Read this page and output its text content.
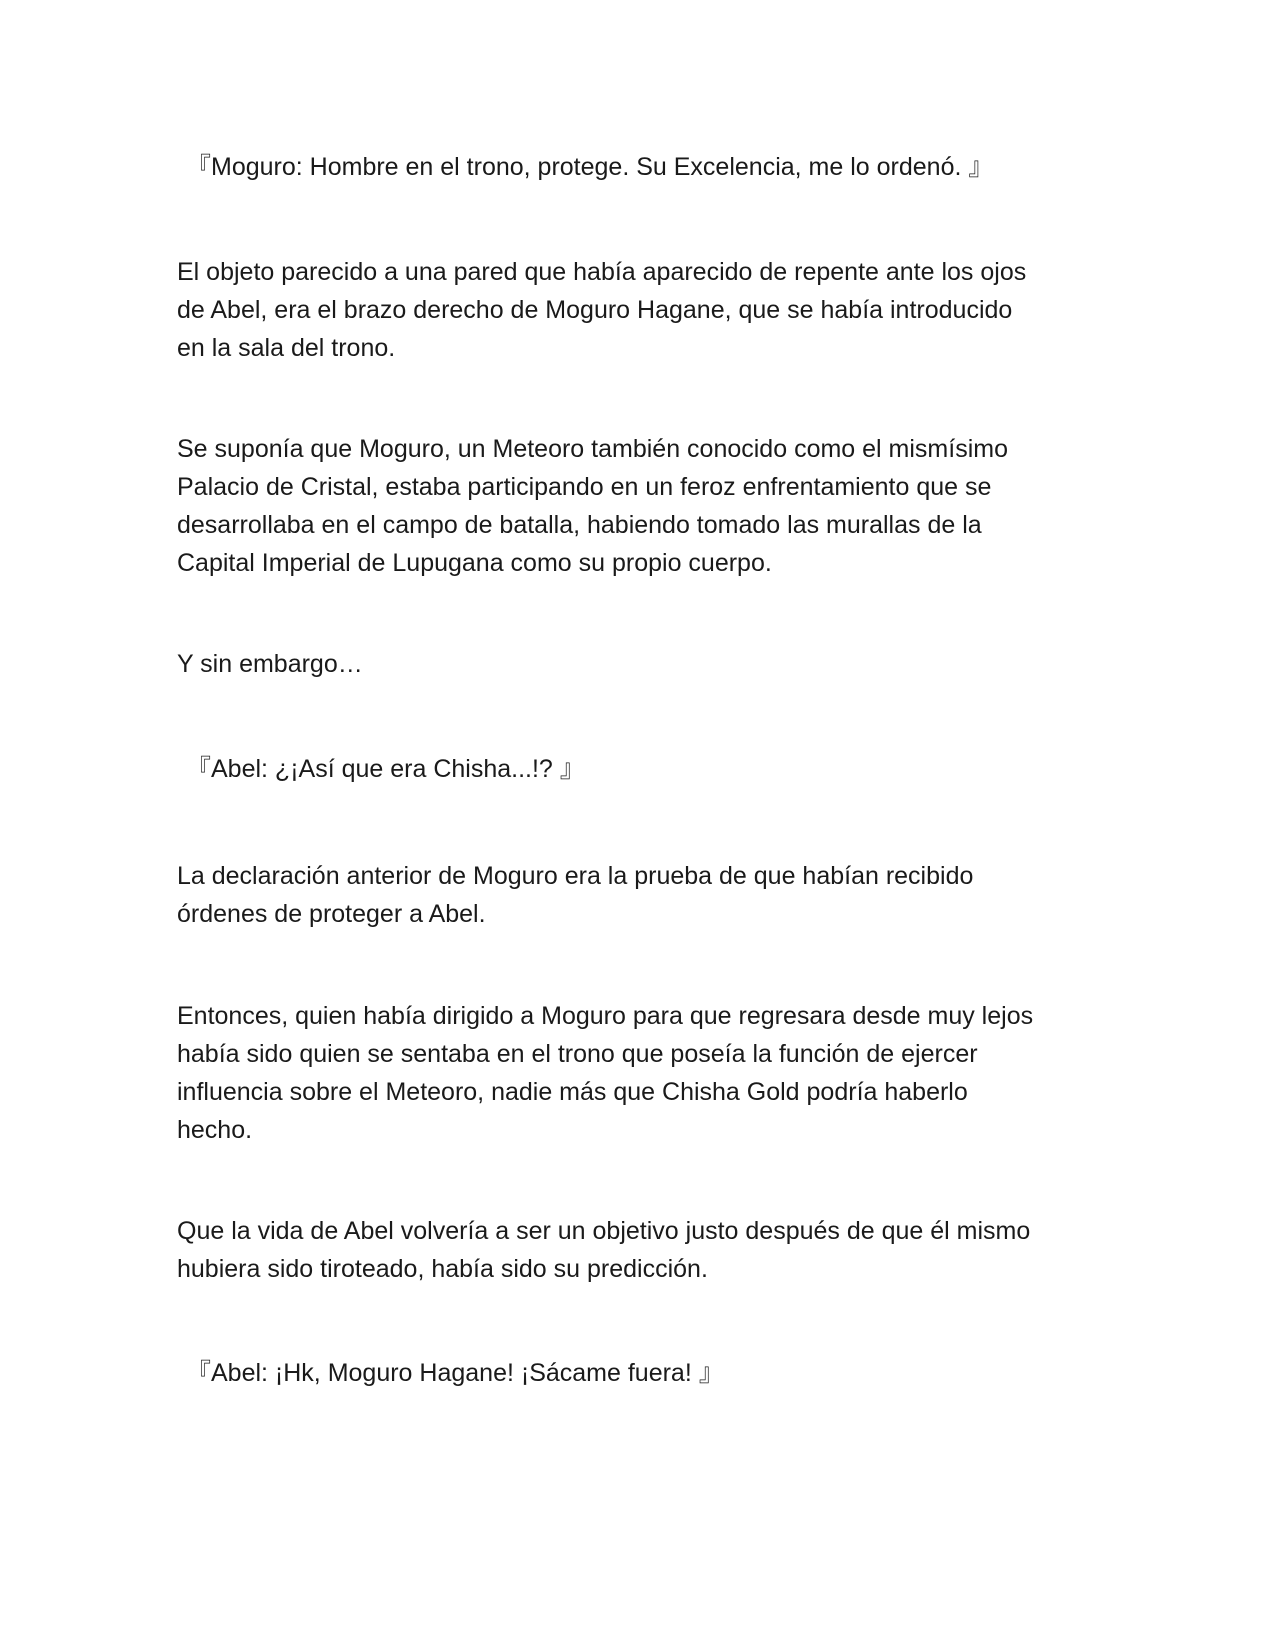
『Moguro: Hombre en el trono, protege. Su Excelencia, me lo ordenó. 』

El objeto parecido a una pared que había aparecido de repente ante los ojos
de Abel, era el brazo derecho de Moguro Hagane, que se había introducido
en la sala del trono.

Se suponía que Moguro, un Meteoro también conocido como el mismísimo
Palacio de Cristal, estaba participando en un feroz enfrentamiento que se
desarrollaba en el campo de batalla, habiendo tomado las murallas de la
Capital Imperial de Lupugana como su propio cuerpo.

Y sin embargo…

『Abel: ¿¡Así que era Chisha...!? 』

La declaración anterior de Moguro era la prueba de que habían recibido
órdenes de proteger a Abel.

Entonces, quien había dirigido a Moguro para que regresara desde muy lejos
había sido quien se sentaba en el trono que poseía la función de ejercer
influencia sobre el Meteoro, nadie más que Chisha Gold podría haberlo
hecho.

Que la vida de Abel volvería a ser un objetivo justo después de que él mismo
hubiera sido tiroteado, había sido su predicción.

『Abel: ¡Hk, Moguro Hagane! ¡Sácame fuera! 』
